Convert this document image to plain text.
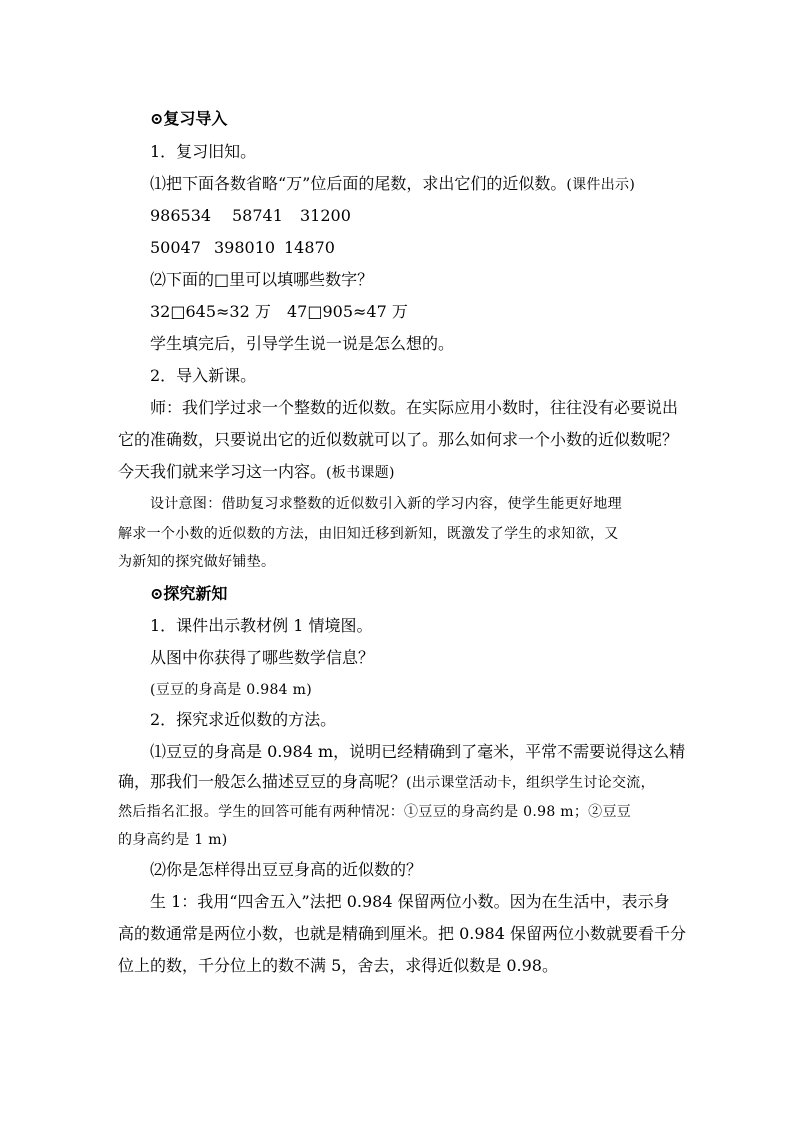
⊙复习导入
1．复习旧知。
⑴把下面各数省略“万”位后面的尾数，求出它们的近似数。(课件出示)
986534 58741 31200
50047 398010 14870
⑵下面的□里可以填哪些数字？
32□645≈32 万 47□905≈47 万
学生填完后，引导学生说一说是怎么想的。
2．导入新课。
师：我们学过求一个整数的近似数。在实际应用小数时，往往没有必要说出
它的准确数，只要说出它的近似数就可以了。那么如何求一个小数的近似数呢？
今天我们就来学习这一内容。(板书课题)
设计意图：借助复习求整数的近似数引入新的学习内容，使学生能更好地理
解求一个小数的近似数的方法，由旧知迁移到新知，既激发了学生的求知欲，又
为新知的探究做好铺垫。
⊙探究新知
1．课件出示教材例 1 情境图。
从图中你获得了哪些数学信息？
(豆豆的身高是 0.984 m)
2．探究求近似数的方法。
⑴豆豆的身高是 0.984 m，说明已经精确到了毫米，平常不需要说得这么精
确，那我们一般怎么描述豆豆的身高呢？(出示课堂活动卡，组织学生讨论交流，
然后指名汇报。学生的回答可能有两种情况：①豆豆的身高约是 0.98 m；②豆豆
的身高约是 1 m)
⑵你是怎样得出豆豆身高的近似数的？
生 1：我用“四舍五入”法把 0.984 保留两位小数。因为在生活中，表示身
高的数通常是两位小数，也就是精确到厘米。把 0.984 保留两位小数就要看千分
位上的数，千分位上的数不满 5，舍去，求得近似数是 0.98。
